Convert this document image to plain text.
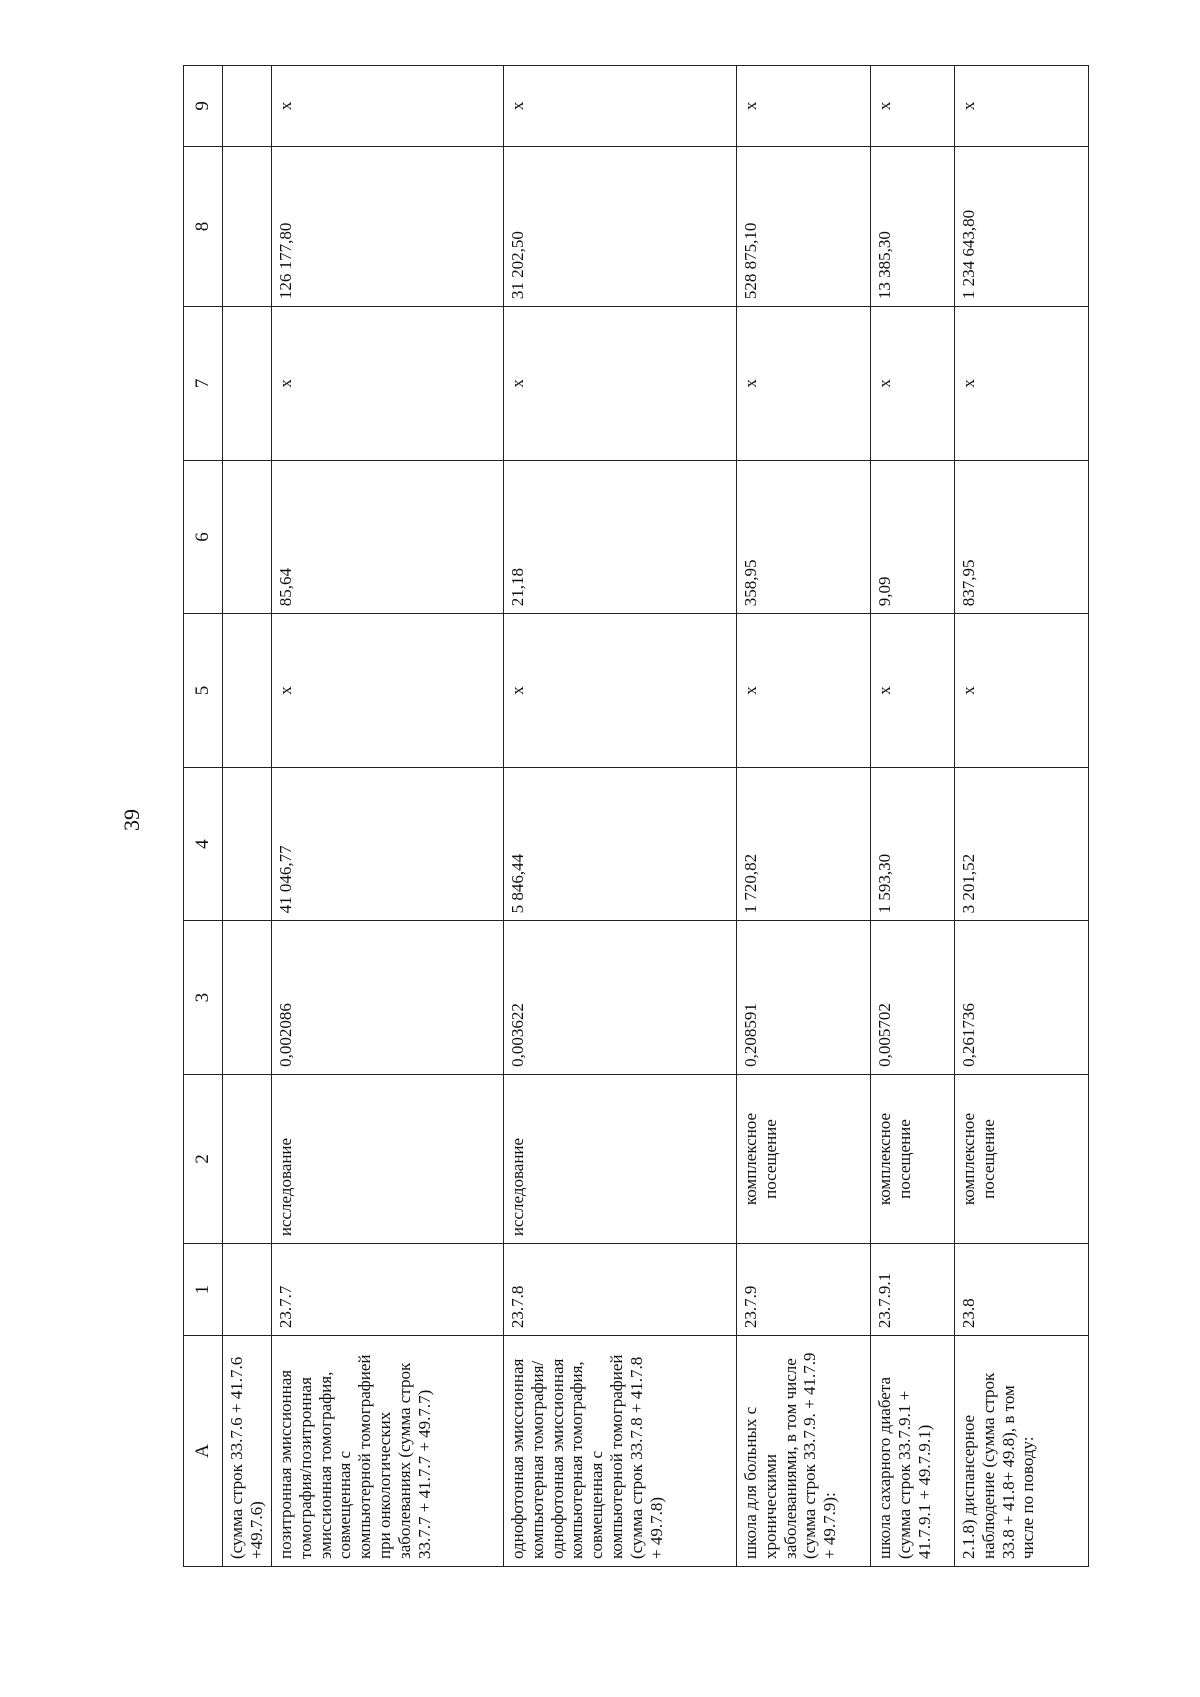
39
A	1	2	3	4	5	6	7	8	9
(сумма строк 33.7.6 + 41.7.6 +49.7.6)									
позитронная эмиссионная томография/позитронная эмиссионная томография, совмещенная с компьютерной томографией при онкологических заболеваниях (сумма строк 33.7.7 + 41.7.7 + 49.7.7)	23.7.7	исследование	0,002086	41 046,77	x	85,64	x	126 177,80	x
однофотонная эмиссионная компьютерная томография/однофотонная эмиссионная компьютерная томография, совмещенная с компьютерной томографией (сумма строк 33.7.8 + 41.7.8 + 49.7.8)	23.7.8	исследование	0,003622	5 846,44	x	21,18	x	31 202,50	x
школа для больных с хроническими заболеваниями, в том числе (сумма строк 33.7.9. + 41.7.9 + 49.7.9):	23.7.9	комплексное посещение	0,208591	1 720,82	x	358,95	x	528 875,10	x
школа сахарного диабета (сумма строк 33.7.9.1 + 41.7.9.1 + 49.7.9.1)	23.7.9.1	комплексное посещение	0,005702	1 593,30	x	9,09	x	13 385,30	x
2.1.8) диспансерное наблюдение (сумма строк 33.8 + 41.8+ 49.8), в том числе по поводу:	23.8	комплексное посещение	0,261736	3 201,52	x	837,95	x	1 234 643,80	x
